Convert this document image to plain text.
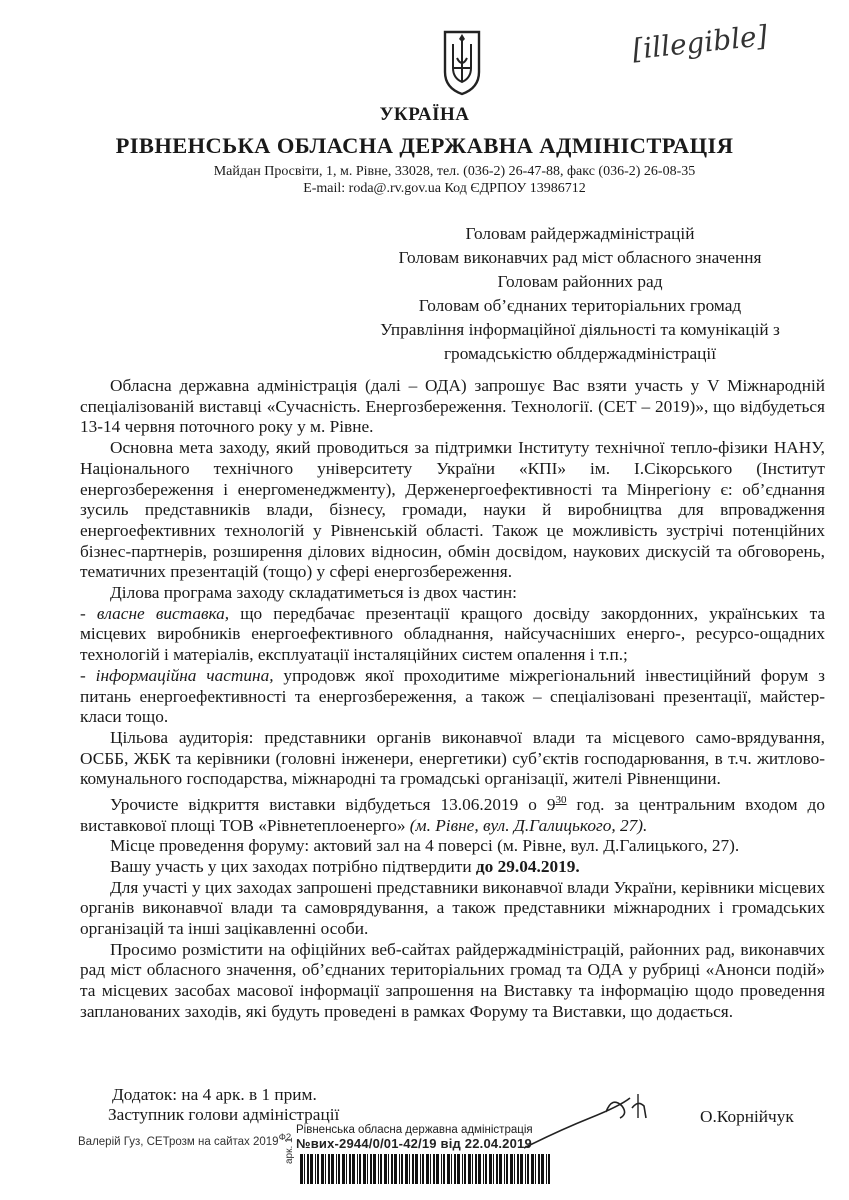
[illegible]
УКРАЇНА
РІВНЕНСЬКА ОБЛАСНА ДЕРЖАВНА АДМІНІСТРАЦІЯ
Майдан Просвіти, 1, м. Рівне, 33028, тел. (036-2) 26-47-88, факс (036-2) 26-08-35
E-mail: roda@.rv.gov.ua Код ЄДРПОУ 13986712
Головам райдержадміністрацій
Головам виконавчих рад міст обласного значення
Головам районних рад
Головам об’єднаних територіальних громад
Управління інформаційної діяльності та комунікацій з
громадськістю облдержадміністрації

Обласна державна адміністрація (далі – ОДА) запрошує Вас взяти участь у V Міжнародній спеціалізованій виставці «Сучасність. Енергозбереження. Технології. (СЕТ – 2019)», що відбудеться 13-14 червня поточного року у м. Рівне.

Основна мета заходу, який проводиться за підтримки Інституту технічної тепло-фізики НАНУ, Національного технічного університету України «КПІ» ім. І.Сікорського (Інститут енергозбереження і енергоменеджменту), Держенергоефективності та Мінрегіону є: об’єднання зусиль представників влади, бізнесу, громади, науки й виробництва для впровадження енергоефективних технологій у Рівненській області. Також це можливість зустрічі потенційних бізнес-партнерів, розширення ділових відносин, обмін досвідом, наукових дискусій та обговорень, тематичних презентацій (тощо) у сфері енергозбереження.

Ділова програма заходу складатиметься із двох частин:

- власне виставка, що передбачає презентації кращого досвіду закордонних, українських та місцевих виробників енергоефективного обладнання, найсучасніших енерго-, ресурсо-ощадних технологій і матеріалів, експлуатації інсталяційних систем опалення і т.п.;

- інформаційна частина, упродовж якої проходитиме міжрегіональний інвестиційний форум з питань енергоефективності та енергозбереження, а також – спеціалізовані презентації, майстер-класи тощо.

Цільова аудиторія: представники органів виконавчої влади та місцевого само-врядування, ОСББ, ЖБК та керівники (головні інженери, енергетики) суб’єктів господарювання, в т.ч. житлово-комунального господарства, міжнародні та громадські організації, жителі Рівненщини.

Урочисте відкриття виставки відбудеться 13.06.2019 о $9^{30}$ год. за центральним входом до виставкової площі ТОВ «Рівнетеплоенерго» (м. Рівне, вул. Д.Галицького, 27).

Місце проведення форуму: актовий зал на 4 поверсі (м. Рівне, вул. Д.Галицького, 27).

Вашу участь у цих заходах потрібно підтвердити до 29.04.2019.

Для участі у цих заходах запрошені представники виконавчої влади України, керівники місцевих органів виконавчої влади та самоврядування, а також представники міжнародних і громадських організацій та інші зацікавленні особи.

Просимо розмістити на офіційних веб-сайтах райдержадміністрацій, районних рад, виконавчих рад міст обласного значення, об’єднаних територіальних громад та ОДА у рубриці «Анонси подій» та місцевих засобах масової інформації запрошення на Виставку та інформацію щодо проведення запланованих заходів, які будуть проведені в рамках Форуму та Виставки, що додається.

Додаток: на 4 арк. в 1 прим.
Заступник голови адміністрації	О.Корнійчук
Валерій Гуз, СЕТрозм на сайтах $2019^{Ф2}$
Рівненська обласна державна адміністрація
№вих-2944/0/01-42/19 від 22.04.2019
арк. 1
